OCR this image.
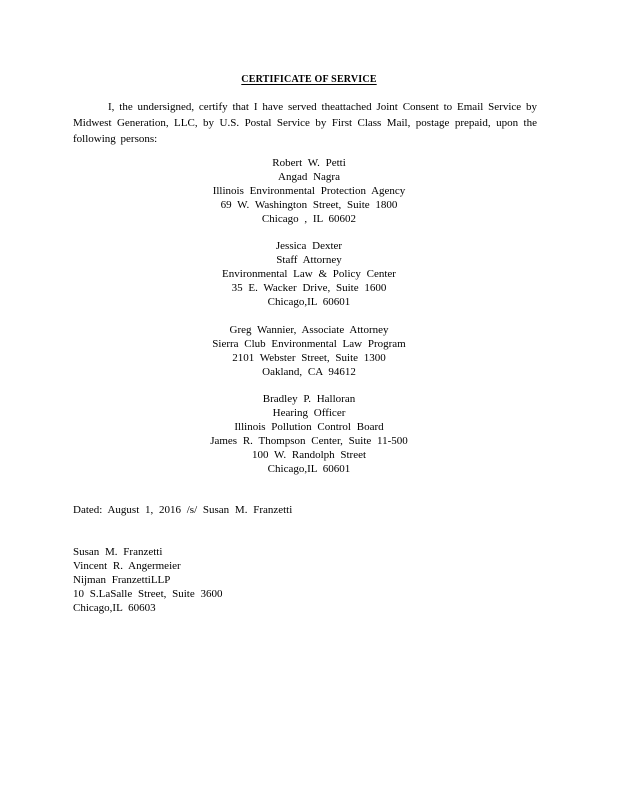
CERTIFICATE OF SERVICE
I, the undersigned, certify that I have served theattached Joint Consent to Email Service by Midwest Generation, LLC, by U.S. Postal Service by First Class Mail, postage prepaid, upon the following persons:
Robert W. Petti
Angad Nagra
Illinois Environmental Protection Agency
69 W. Washington Street, Suite 1800
Chicago , IL 60602
Jessica Dexter
Staff Attorney
Environmental Law & Policy Center
35 E. Wacker Drive, Suite 1600
Chicago,IL 60601
Greg Wannier, Associate Attorney
Sierra Club Environmental Law Program
2101 Webster Street, Suite 1300
Oakland, CA 94612
Bradley P. Halloran
Hearing Officer
Illinois Pollution Control Board
James R. Thompson Center, Suite 11-500
100 W. Randolph Street
Chicago,IL 60601
Dated: August 1, 2016 /s/ Susan M. Franzetti
Susan M. Franzetti
Vincent R. Angermeier
Nijman FranzettiLLP
10 S.LaSalle Street, Suite 3600
Chicago,IL 60603
